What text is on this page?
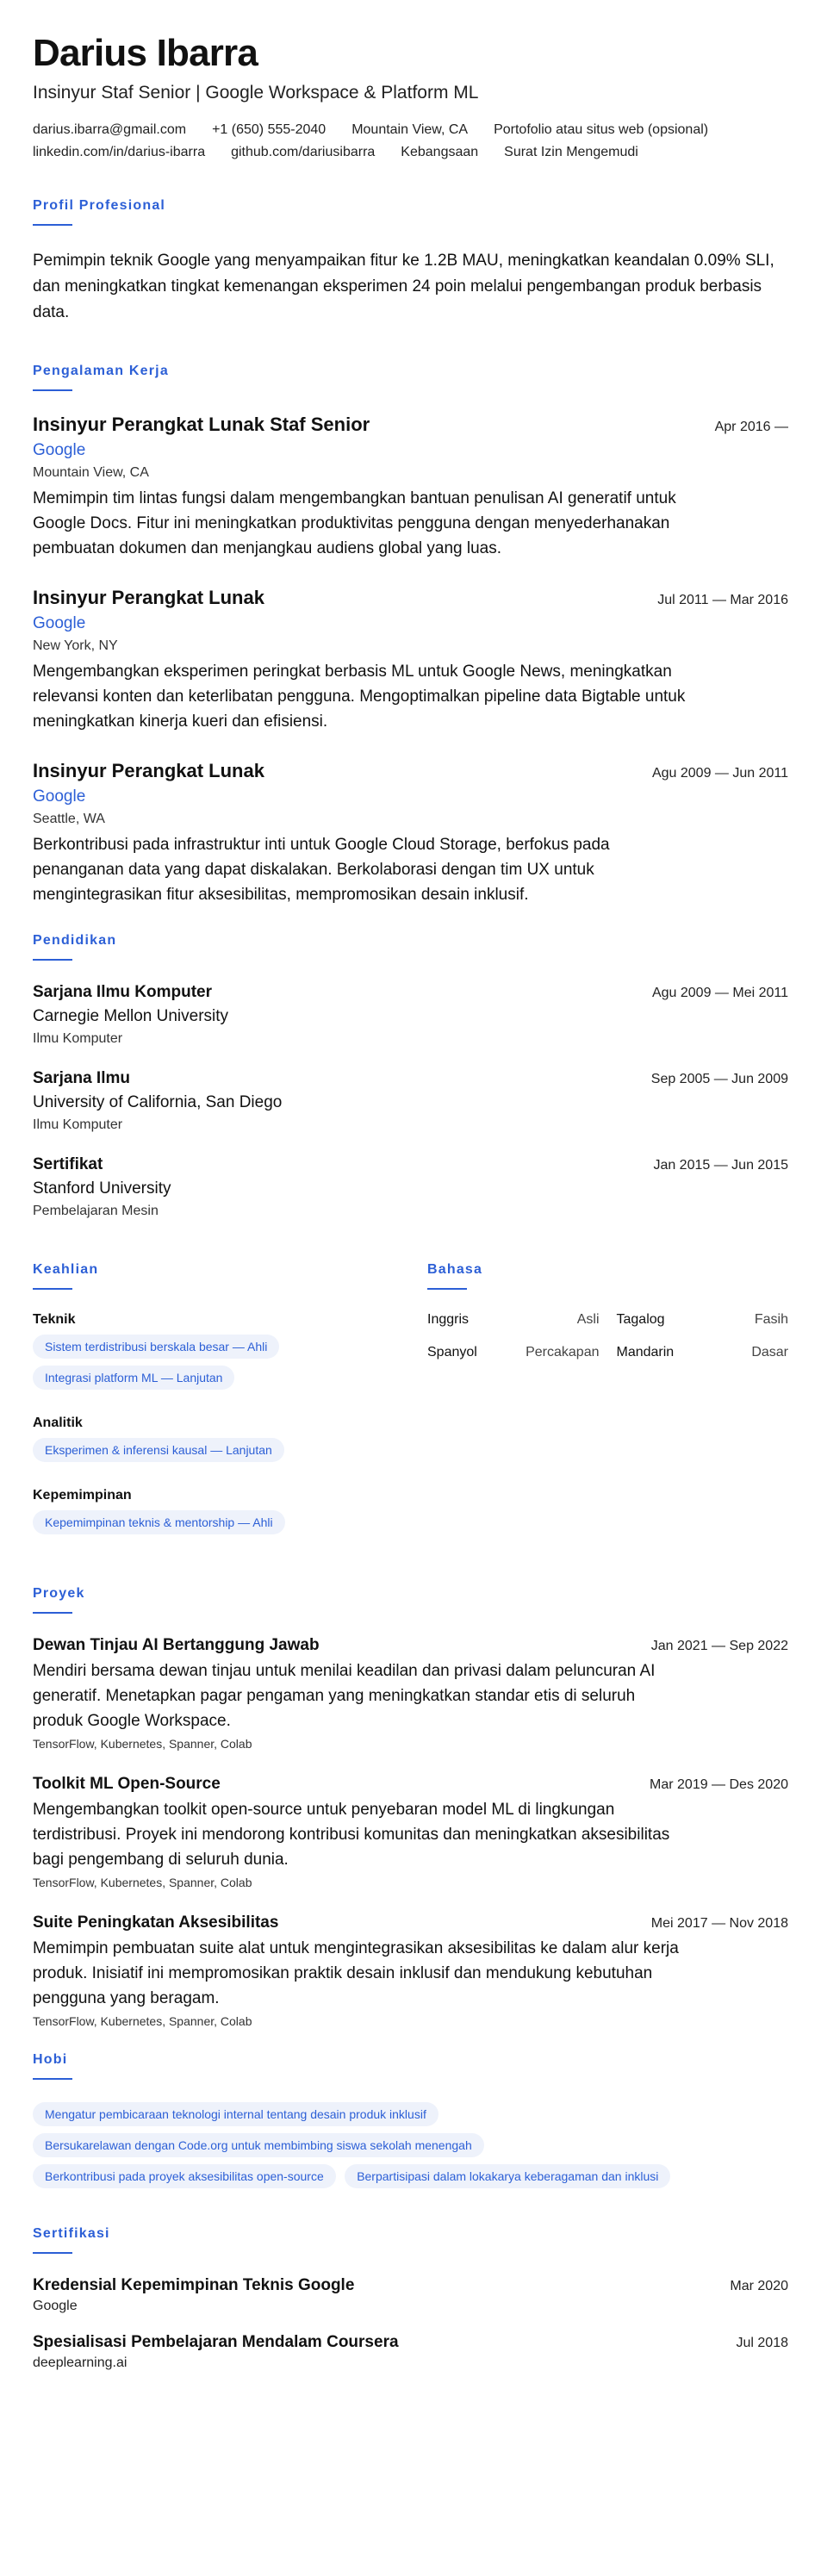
Darius Ibarra
Insinyur Staf Senior | Google Workspace & Platform ML
darius.ibarra@gmail.com +1 (650) 555-2040 Mountain View, CA Portofolio atau situs web (opsional)
linkedin.com/in/darius-ibarra github.com/dariusibarra Kebangsaan Surat Izin Mengemudi
Profil Profesional

Pemimpin teknik Google yang menyampaikan fitur ke 1.2B MAU, meningkatkan keandalan 0.09% SLI, dan meningkatkan tingkat kemenangan eksperimen 24 poin melalui pengembangan produk berbasis data.

Pengalaman Kerja
Insinyur Perangkat Lunak Staf Senior	Apr 2016 —
Google
Mountain View, CA
Memimpin tim lintas fungsi dalam mengembangkan bantuan penulisan AI generatif untuk Google Docs. Fitur ini meningkatkan produktivitas pengguna dengan menyederhanakan pembuatan dokumen dan menjangkau audiens global yang luas.
Insinyur Perangkat Lunak	Jul 2011 — Mar 2016
Google
New York, NY
Mengembangkan eksperimen peringkat berbasis ML untuk Google News, meningkatkan relevansi konten dan keterlibatan pengguna. Mengoptimalkan pipeline data Bigtable untuk meningkatkan kinerja kueri dan efisiensi.
Insinyur Perangkat Lunak	Agu 2009 — Jun 2011
Google
Seattle, WA
Berkontribusi pada infrastruktur inti untuk Google Cloud Storage, berfokus pada penanganan data yang dapat diskalakan. Berkolaborasi dengan tim UX untuk mengintegrasikan fitur aksesibilitas, mempromosikan desain inklusif.
Pendidikan
Sarjana Ilmu Komputer	Agu 2009 — Mei 2011
Carnegie Mellon University
Ilmu Komputer
Sarjana Ilmu	Sep 2005 — Jun 2009
University of California, San Diego
Ilmu Komputer
Sertifikat	Jan 2015 — Jun 2015
Stanford University
Pembelajaran Mesin
Keahlian
Teknik
Sistem terdistribusi berskala besar — Ahli
Integrasi platform ML — Lanjutan
Analitik
Eksperimen & inferensi kausal — Lanjutan
Kepemimpinan
Kepemimpinan teknis & mentorship — Ahli
Bahasa
Inggris	Asli Tagalog	Fasih
Spanyol	Percakapan Mandarin	Dasar
Proyek
Dewan Tinjau AI Bertanggung Jawab	Jan 2021 — Sep 2022
Mendiri bersama dewan tinjau untuk menilai keadilan dan privasi dalam peluncuran AI generatif. Menetapkan pagar pengaman yang meningkatkan standar etis di seluruh produk Google Workspace.
TensorFlow, Kubernetes, Spanner, Colab
Toolkit ML Open-Source	Mar 2019 — Des 2020
Mengembangkan toolkit open-source untuk penyebaran model ML di lingkungan terdistribusi. Proyek ini mendorong kontribusi komunitas dan meningkatkan aksesibilitas bagi pengembang di seluruh dunia.
TensorFlow, Kubernetes, Spanner, Colab
Suite Peningkatan Aksesibilitas	Mei 2017 — Nov 2018
Memimpin pembuatan suite alat untuk mengintegrasikan aksesibilitas ke dalam alur kerja produk. Inisiatif ini mempromosikan praktik desain inklusif dan mendukung kebutuhan pengguna yang beragam.
TensorFlow, Kubernetes, Spanner, Colab
Hobi
Mengatur pembicaraan teknologi internal tentang desain produk inklusif
Bersukarelawan dengan Code.org untuk membimbing siswa sekolah menengah
Berkontribusi pada proyek aksesibilitas open-source	Berpartisipasi dalam lokakarya keberagaman dan inklusi
Sertifikasi
Kredensial Kepemimpinan Teknis Google	Mar 2020
Google
Spesialisasi Pembelajaran Mendalam Coursera	Jul 2018
deeplearning.ai
